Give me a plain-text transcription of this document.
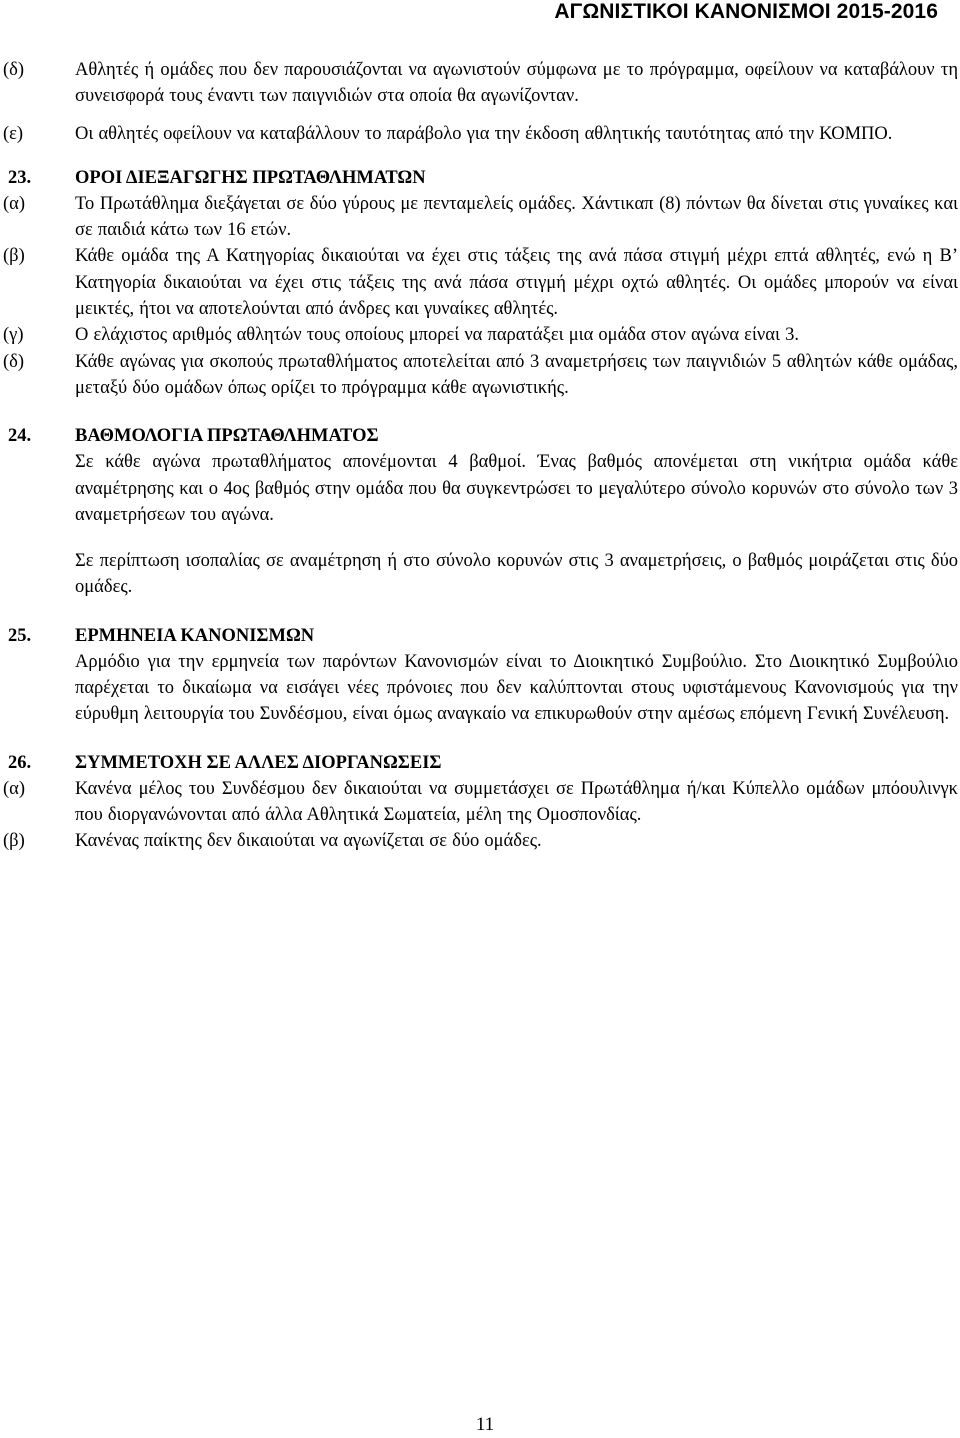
ΑΓΩΝΙΣΤΙΚΟΙ ΚΑΝΟΝΙΣΜΟΙ 2015-2016
(δ)	Αθλητές ή ομάδες που δεν παρουσιάζονται να αγωνιστούν σύμφωνα με το πρόγραμμα, οφείλουν να καταβάλουν τη συνεισφορά τους έναντι των παιγνιδιών στα οποία θα αγωνίζονταν.
(ε)	Οι αθλητές οφείλουν να καταβάλλουν το παράβολο για την έκδοση αθλητικής ταυτότητας από την ΚΟΜΠΟ.
23. ΟΡΟΙ ΔΙΕΞΑΓΩΓΗΣ ΠΡΩΤΑΘΛΗΜΑΤΩΝ
(α)	Το Πρωτάθλημα διεξάγεται σε δύο γύρους με πενταμελείς ομάδες. Χάντικαπ (8) πόντων θα δίνεται στις γυναίκες και σε παιδιά κάτω των 16 ετών.
(β)	Κάθε ομάδα της Α Κατηγορίας δικαιούται να έχει στις τάξεις της ανά πάσα στιγμή μέχρι επτά αθλητές, ενώ η Β’ Κατηγορία δικαιούται να έχει στις τάξεις της ανά πάσα στιγμή μέχρι οχτώ αθλητές. Οι ομάδες μπορούν να είναι μεικτές, ήτοι να αποτελούνται από άνδρες και γυναίκες αθλητές.
(γ)	Ο ελάχιστος αριθμός αθλητών τους οποίους μπορεί να παρατάξει μια ομάδα στον αγώνα είναι 3.
(δ)	Κάθε αγώνας για σκοπούς πρωταθλήματος αποτελείται από 3 αναμετρήσεις των παιγνιδιών 5 αθλητών κάθε ομάδας, μεταξύ δύο ομάδων όπως ορίζει το πρόγραμμα κάθε αγωνιστικής.
24. ΒΑΘΜΟΛΟΓΙΑ ΠΡΩΤΑΘΛΗΜΑΤΟΣ
Σε κάθε αγώνα πρωταθλήματος απονέμονται 4 βαθμοί. Ένας βαθμός απονέμεται στη νικήτρια ομάδα κάθε αναμέτρησης και ο 4ος βαθμός στην ομάδα που θα συγκεντρώσει το μεγαλύτερο σύνολο κορυνών στο σύνολο των 3 αναμετρήσεων του αγώνα.
Σε περίπτωση ισοπαλίας σε αναμέτρηση ή στο σύνολο κορυνών στις 3 αναμετρήσεις, ο βαθμός μοιράζεται στις δύο ομάδες.
25. ΕΡΜΗΝΕΙΑ ΚΑΝΟΝΙΣΜΩΝ
Αρμόδιο για την ερμηνεία των παρόντων Κανονισμών είναι το Διοικητικό Συμβούλιο. Στο Διοικητικό Συμβούλιο παρέχεται το δικαίωμα να εισάγει νέες πρόνοιες που δεν καλύπτονται στους υφιστάμενους Κανονισμούς για την εύρυθμη λειτουργία του Συνδέσμου, είναι όμως αναγκαίο να επικυρωθούν στην αμέσως επόμενη Γενική Συνέλευση.
26. ΣΥΜΜΕΤΟΧΗ ΣΕ ΑΛΛΕΣ ΔΙΟΡΓΑΝΩΣΕΙΣ
(α)	Κανένα μέλος του Συνδέσμου δεν δικαιούται να συμμετάσχει σε Πρωτάθλημα ή/και Κύπελλο ομάδων μπόουλινγκ που διοργανώνονται από άλλα Αθλητικά Σωματεία, μέλη της Ομοσπονδίας.
(β)	Κανένας παίκτης δεν δικαιούται να αγωνίζεται σε δύο ομάδες.
11
